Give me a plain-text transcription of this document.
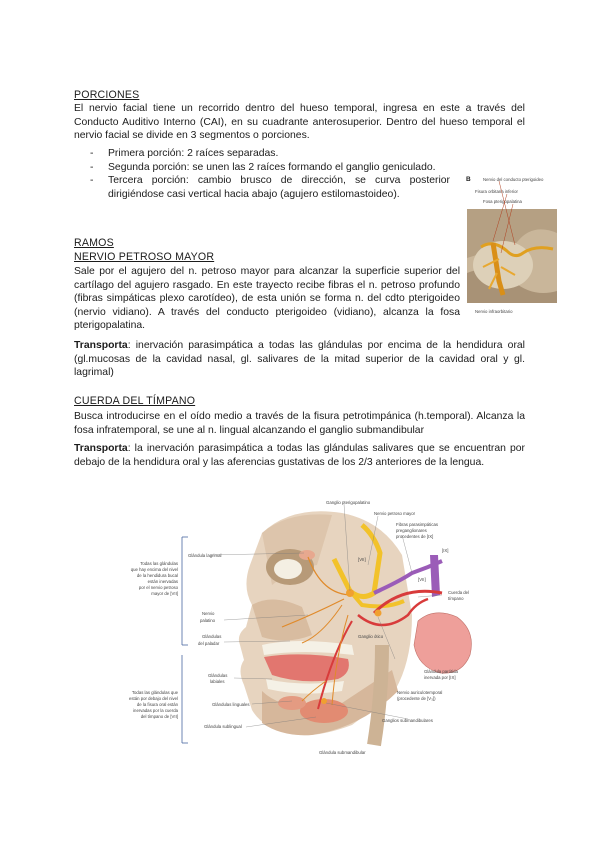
PORCIONES
El nervio facial tiene un recorrido dentro del hueso temporal, ingresa en este a través del Conducto Auditivo Interno (CAI), en su cuadrante anterosuperior. Dentro del hueso temporal el nervio facial se divide en 3 segmentos o porciones.
- Primera porción: 2 raíces separadas.
- Segunda porción: se unen las 2 raíces formando el ganglio geniculado.
- Tercera porción: cambio brusco de dirección, se curva posterior dirigiéndose casi vertical hacia abajo (agujero estilomastoideo).
B	Nervio del conducto pterigoideo
Fisura orbitaria inferior
Fosa pterigopalatina
Nervio infraorbitario
RAMOS
NERVIO PETROSO MAYOR
Sale por el agujero del n. petroso mayor para alcanzar la superficie superior del cartílago del agujero rasgado. En este trayecto recibe fibras el n. petroso profundo (fibras simpáticas plexo carotídeo), de esta unión se forma n. del cdto pterigoideo (nervio vidiano). A través del conducto pterigoideo (vidiano), alcanza la fosa pterigopalatina.
Transporta: inervación parasimpática a todas las glándulas por encima de la hendidura oral (gl.mucosas de la cavidad nasal, gl. salivares de la mitad superior de la cavidad oral y gl. lagrimal)
CUERDA DEL TÍMPANO
Busca introducirse en el oído medio a través de la fisura petrotimpánica (h.temporal). Alcanza la fosa infratemporal, se une al n. lingual alcanzando el ganglio submandibular
Transporta: la inervación parasimpática a todas las glándulas salivares que se encuentran por debajo de la hendidura oral y las aferencias gustativas de los 2/3 anteriores de la lengua.
Ganglio pterigopalatino
Nervio petroso mayor
Fibras parasimpáticas
preganglionares
procedentes de [IX]
[IX]
[VII]
[VII]
Cuerda del
tímpano
Glándula lagrimal
Nervio
palatino
Glándulas
del paladar
Ganglio ótico
Glándula parótida
inervada por [IX]
Glándulas
labiales
Glándulas linguales
Glándula sublingual
Glándula submandibular
Ganglios submandibulares
Nervio auriculotemporal
(procedente de [V₃])
Todas las glándulas
que hay encima del nivel
de la hendidura bucal
están inervadas
por el nervio petroso
mayor de [VII]
Todas las glándulas que
están por debajo del nivel
de la fisura oral están
inervadas por la cuerda
del tímpano de [VII]
